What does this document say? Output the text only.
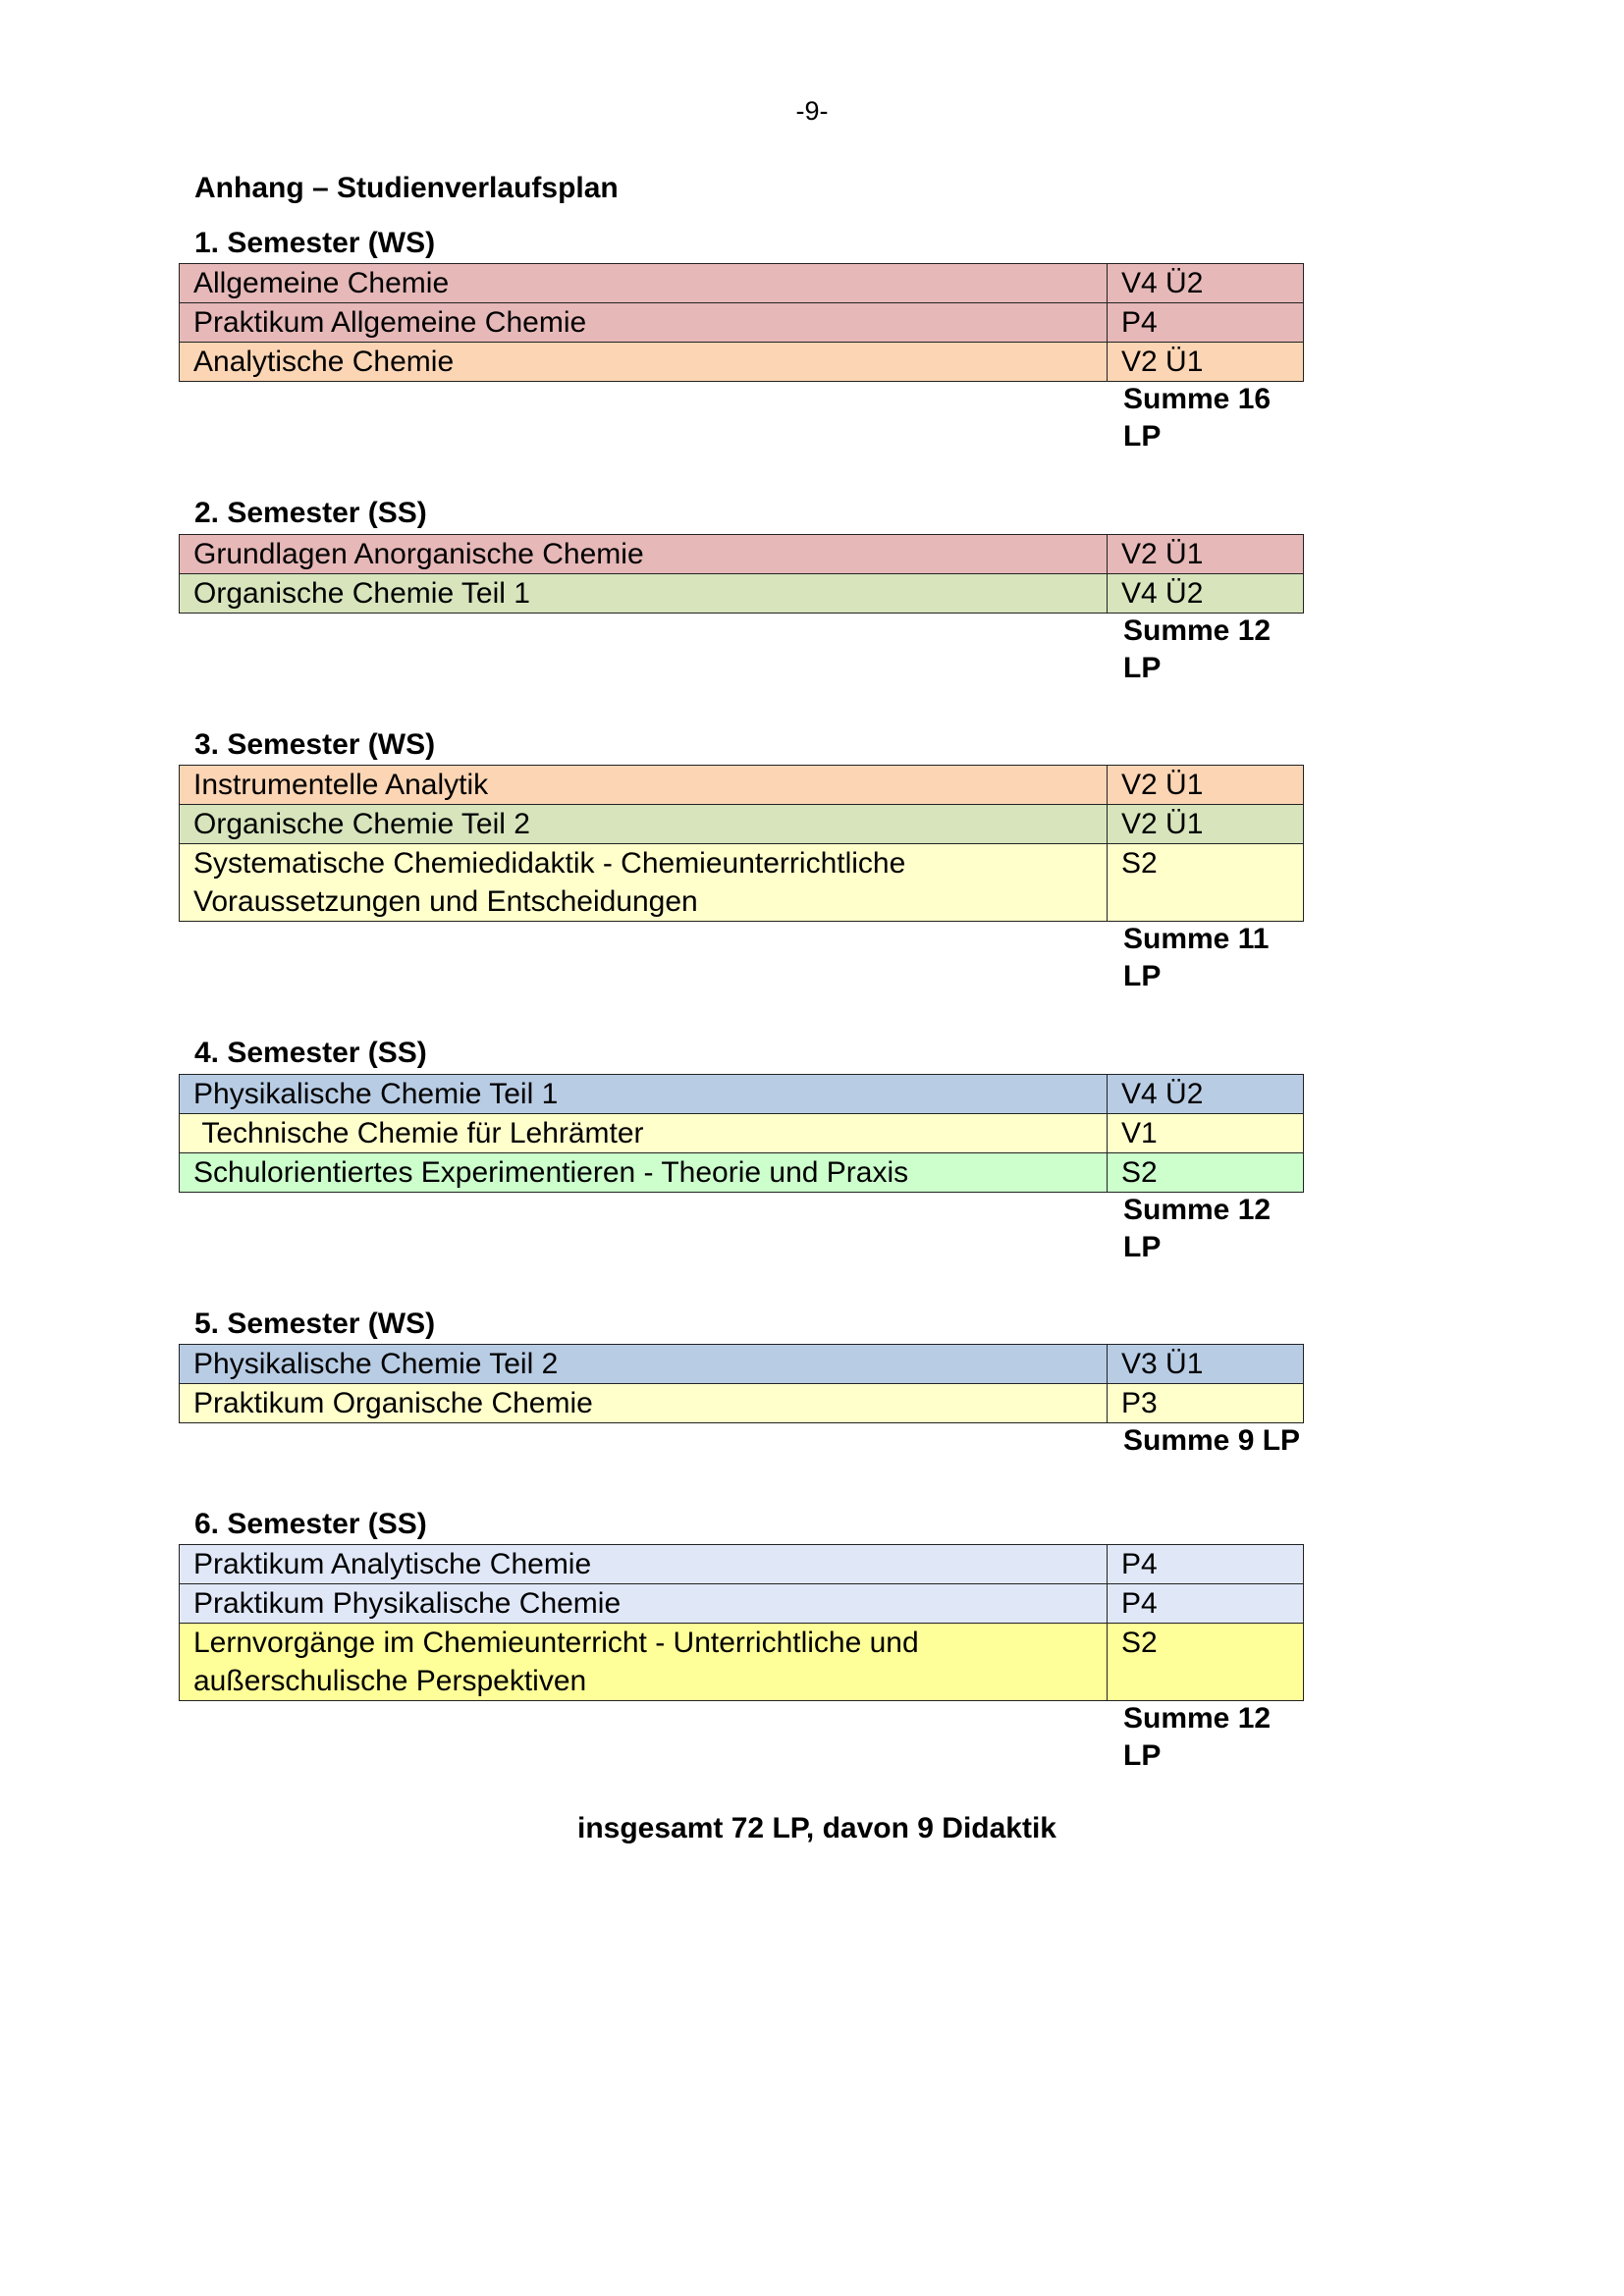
-9-
Anhang – Studienverlaufsplan
1. Semester (WS)
Allgemeine Chemie	V4 Ü2
Praktikum Allgemeine Chemie	P4
Analytische Chemie	V2 Ü1
Summe 16
LP
2. Semester (SS)
Grundlagen Anorganische Chemie	V2 Ü1
Organische Chemie Teil 1	V4 Ü2
Summe 12
LP
3. Semester (WS)
Instrumentelle Analytik	V2 Ü1
Organische Chemie Teil 2	V2 Ü1
Systematische Chemiedidaktik - Chemieunterrichtliche Voraussetzungen und Entscheidungen	S2
Summe 11
LP
4. Semester (SS)
Physikalische Chemie Teil 1	V4 Ü2
Technische Chemie für Lehrämter	V1
Schulorientiertes Experimentieren - Theorie und Praxis	S2
Summe 12
LP
5. Semester (WS)
Physikalische Chemie Teil 2	V3 Ü1
Praktikum Organische Chemie	P3
Summe 9 LP
6. Semester (SS)
Praktikum Analytische Chemie	P4
Praktikum Physikalische Chemie	P4
Lernvorgänge im Chemieunterricht - Unterrichtliche und außerschulische Perspektiven	S2
Summe 12
LP
insgesamt 72 LP, davon 9 Didaktik
